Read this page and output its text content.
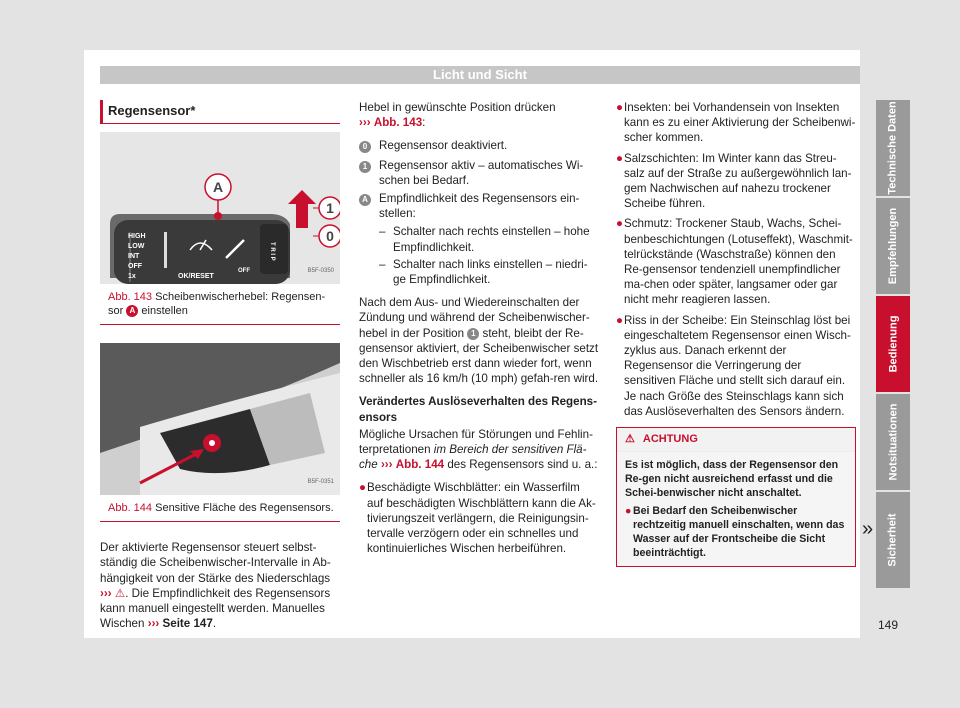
Licht und Sicht
Regensensor*
A
HIGH
LOW
INT
OFF
1x	OK/RESET
OFF
T R I P
1
0
B5F-0350
Abb. 143 Scheibenwischerhebel: Regensen-sor A einstellen
B5F-0351
Abb. 144 Sensitive Fläche des Regensensors.
Der aktivierte Regensensor steuert selbst-ständig die Scheibenwischer-Intervalle in Ab-hängigkeit von der Stärke des Niederschlags ››› ⚠. Die Empfindlichkeit des Regensensors kann manuell eingestellt werden. Manuelles Wischen ››› Seite 147.
Hebel in gewünschte Position drücken
››› Abb. 143:
0	Regensensor deaktiviert.
1	Regensensor aktiv – automatisches Wi-schen bei Bedarf.
A Empfindlichkeit des Regensensors ein-stellen:
– Schalter nach rechts einstellen – hohe Empfindlichkeit.
– Schalter nach links einstellen – niedri-ge Empfindlichkeit.
Nach dem Aus- und Wiedereinschalten der Zündung und während der Scheibenwischer-hebel in der Position 1 steht, bleibt der Re-gensensor aktiviert, der Scheibenwischer setzt den Wischbetrieb erst dann wieder fort, wenn schneller als 16 km/h (10 mph) gefah-ren wird.
Verändertes Auslöseverhalten des Regens-ensors
Mögliche Ursachen für Störungen und Fehlin-terpretationen im Bereich der sensitiven Flä-che ››› Abb. 144 des Regensensors sind u. a.:
● Beschädigte Wischblätter: ein Wasserfilm auf beschädigten Wischblättern kann die Ak-tivierungszeit verlängern, die Reinigungsin-tervalle verzögern oder ein schnelles und kontinuierliches Wischen herbeiführen.
● Insekten: bei Vorhandensein von Insekten kann es zu einer Aktivierung der Scheibenwi-scher kommen.
● Salzschichten: Im Winter kann das Streu-salz auf der Straße zu außergewöhnlich lan-gem Nachwischen auf nahezu trockener Scheibe führen.
● Schmutz: Trockener Staub, Wachs, Schei-benbeschichtungen (Lotuseffekt), Waschmit-telrückstände (Waschstraße) können den Re-gensensor tendenziell unempfindlicher ma-chen oder später, langsamer oder gar nicht mehr reagieren lassen.
● Riss in der Scheibe: Ein Steinschlag löst bei eingeschaltetem Regensensor einen Wisch-zyklus aus. Danach erkennt der Regensensor die Verringerung der sensitiven Fläche und stellt sich darauf ein. Je nach Größe des Steinschlags kann sich das Auslöseverhalten des Sensors ändern.
⚠ ACHTUNG
Es ist möglich, dass der Regensensor den Re-gen nicht ausreichend erfasst und die Schei-benwischer nicht anschaltet.
● Bei Bedarf den Scheibenwischer rechtzeitig manuell einschalten, wenn das Wasser auf der Frontscheibe die Sicht beeinträchtigt.
»
Technische Daten
Empfehlungen
Bedienung
Notsituationen
Sicherheit
149
